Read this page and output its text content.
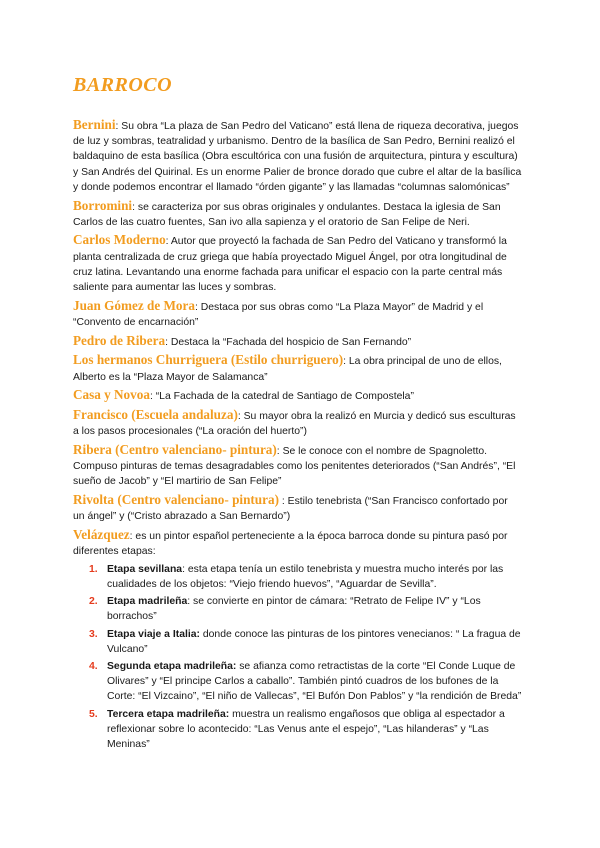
BARROCO

Bernini: Su obra “La plaza de San Pedro del Vaticano” está llena de riqueza decorativa, juegos de luz y sombras, teatralidad y urbanismo. Dentro de la basílica de San Pedro, Bernini realizó el baldaquino de esta basílica (Obra escultórica con una fusión de arquitectura, pintura y escultura) y San Andrés del Quirinal. Es un enorme Palier de bronce dorado que cubre el altar de la basílica y donde podemos encontrar el llamado “órden gigante” y las llamadas “columnas salomónicas”

Borromini: se caracteriza por sus obras originales y ondulantes. Destaca la iglesia de San Carlos de las cuatro fuentes, San ivo alla sapienza y el oratorio de San Felipe de Neri.

Carlos Moderno: Autor que proyectó la fachada de San Pedro del Vaticano y transformó la planta centralizada de cruz griega que había proyectado Miguel Ángel, por otra longitudinal de cruz latina. Levantando una enorme fachada para unificar el espacio con la parte central más saliente para aumentar las luces y sombras.

Juan Gómez de Mora: Destaca por sus obras como “La Plaza Mayor” de Madrid y el “Convento de encarnación”

Pedro de Ribera: Destaca la “Fachada del hospicio de San Fernando”

Los hermanos Churriguera (Estilo churriguero): La obra principal de uno de ellos, Alberto es la “Plaza Mayor de Salamanca”

Casa y Novoa: “La Fachada de la catedral de Santiago de Compostela”

Francisco (Escuela andaluza): Su mayor obra la realizó en Murcia y dedicó sus esculturas a los pasos procesionales (“La oración del huerto”)

Ribera (Centro valenciano- pintura): Se le conoce con el nombre de Spagnoletto. Compuso pinturas de temas desagradables como los penitentes deteriorados (“San Andrés”, “El sueño de Jacob” y “El martirio de San Felipe”

Rivolta (Centro valenciano- pintura) : Estilo tenebrista (“San Francisco confortado por un ángel” y (“Cristo abrazado a San Bernardo”)

Velázquez: es un pintor español perteneciente a la época barroca donde su pintura pasó por diferentes etapas:

1. Etapa sevillana: esta etapa tenía un estilo tenebrista y muestra mucho interés por las cualidades de los objetos: “Viejo friendo huevos”, “Aguardar de Sevilla”.
2. Etapa madrileña: se convierte en pintor de cámara: “Retrato de Felipe IV” y “Los borrachos”
3. Etapa viaje a Italia: donde conoce las pinturas de los pintores venecianos: “ La fragua de Vulcano”
4. Segunda etapa madrileña: se afianza como retractistas de la corte “El Conde Luque de Olivares” y “El principe Carlos a caballo”. También pintó cuadros de los bufones de la Corte: “El Vizcaino”, “El niño de Vallecas”, “El Bufón Don Pablos” y “la rendición de Breda”
5. Tercera etapa madrileña: muestra un realismo engañosos que obliga al espectador a reflexionar sobre lo acontecido: “Las Venus ante el espejo”, “Las hilanderas” y “Las Meninas”
